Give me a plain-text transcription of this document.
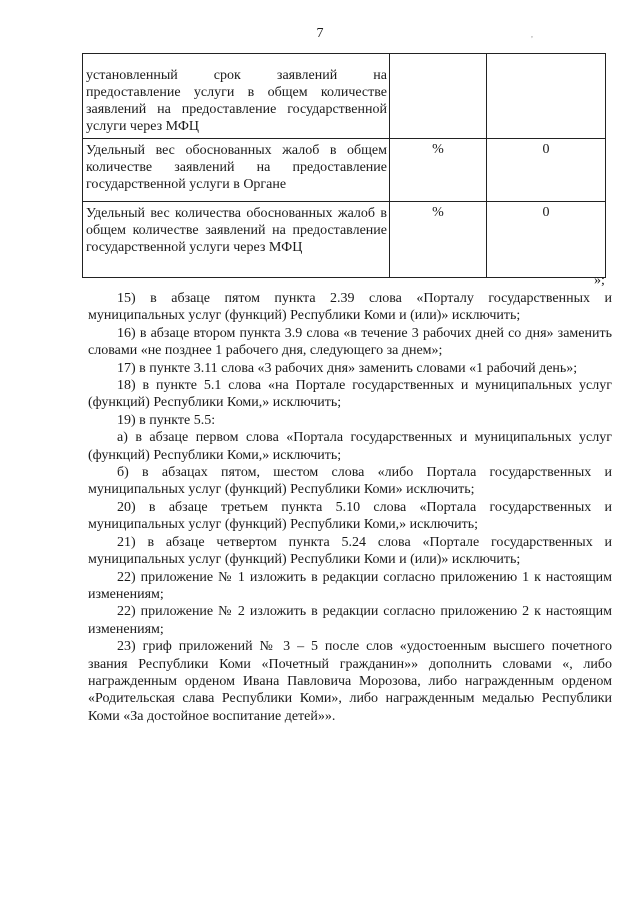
7	,
установленный срок заявлений на предоставление услуги в общем количестве заявлений на предоставление государственной услуги через МФЦ		

Удельный вес обоснованных жалоб в общем количестве заявлений на предоставление государственной услуги в Органе	%	0

Удельный вес количества обоснованных жалоб в общем количестве заявлений на предоставление государственной услуги через МФЦ	%	0
»;

15) в абзаце пятом пункта 2.39 слова «Порталу государственных и муниципальных услуг (функций) Республики Коми и (или)» исключить;

16) в абзаце втором пункта 3.9 слова «в течение 3 рабочих дней со дня» заменить словами «не позднее 1 рабочего дня, следующего за днем»;

17) в пункте 3.11 слова «3 рабочих дня» заменить словами «1 рабочий день»;

18) в пункте 5.1 слова «на Портале государственных и муниципальных услуг (функций) Республики Коми,» исключить;

19) в пункте 5.5:

а) в абзаце первом слова «Портала государственных и муниципальных услуг (функций) Республики Коми,» исключить;

б) в абзацах пятом, шестом слова «либо Портала государственных и муниципальных услуг (функций) Республики Коми» исключить;

20) в абзаце третьем пункта 5.10 слова «Портала государственных и муниципальных услуг (функций) Республики Коми,» исключить;

21) в абзаце четвертом пункта 5.24 слова «Портале государственных и муниципальных услуг (функций) Республики Коми и (или)» исключить;

22) приложение № 1 изложить в редакции согласно приложению 1 к настоящим изменениям;

22) приложение № 2 изложить в редакции согласно приложению 2 к настоящим изменениям;

23) гриф приложений № 3 – 5 после слов «удостоенным высшего почетного звания Республики Коми «Почетный гражданин»» дополнить словами «, либо награжденным орденом Ивана Павловича Морозова, либо награжденным орденом «Родительская слава Республики Коми», либо награжденным медалью Республики Коми «За достойное воспитание детей»».
